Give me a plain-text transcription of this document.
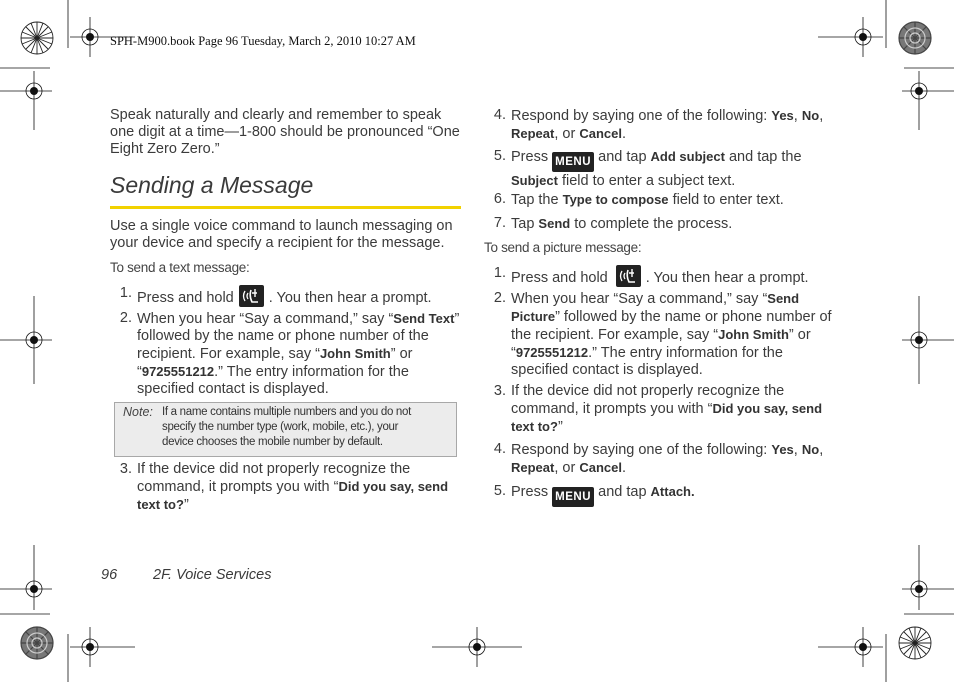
SPH-M900.book Page 96 Tuesday, March 2, 2010 10:27 AM
Speak naturally and clearly and remember to speak
one digit at a time—1-800 should be pronounced “One
Eight Zero Zero.”
Sending a Message
Use a single voice command to launch messaging on
your device and specify a recipient for the message.
To send a text message:
1. Press and hold . You then hear a prompt.
2. When you hear “Say a command,” say “Send Text”
followed by the name or phone number of the
recipient. For example, say “John Smith” or
“9725551212.” The entry information for the
specified contact is displayed.
Note: If a name contains multiple numbers and you do not
specify the number type (work, mobile, etc.), your
device chooses the mobile number by default.
3. If the device did not properly recognize the
command, it prompts you with “Did you say, send
text to?”
4. Respond by saying one of the following: Yes, No,
Repeat, or Cancel.
5. Press MENU and tap Add subject and tap the
Subject field to enter a subject text.
6. Tap the Type to compose field to enter text.
7. Tap Send to complete the process.
To send a picture message:
1. Press and hold	. You then hear a prompt.
2. When you hear “Say a command,” say “Send
Picture” followed by the name or phone number of
the recipient. For example, say “John Smith” or
“9725551212.” The entry information for the
specified contact is displayed.
3. If the device did not properly recognize the
command, it prompts you with “Did you say, send
text to?”
4. Respond by saying one of the following: Yes, No,
Repeat, or Cancel.
5. Press MENU and tap Attach.
96 2F. Voice Services
